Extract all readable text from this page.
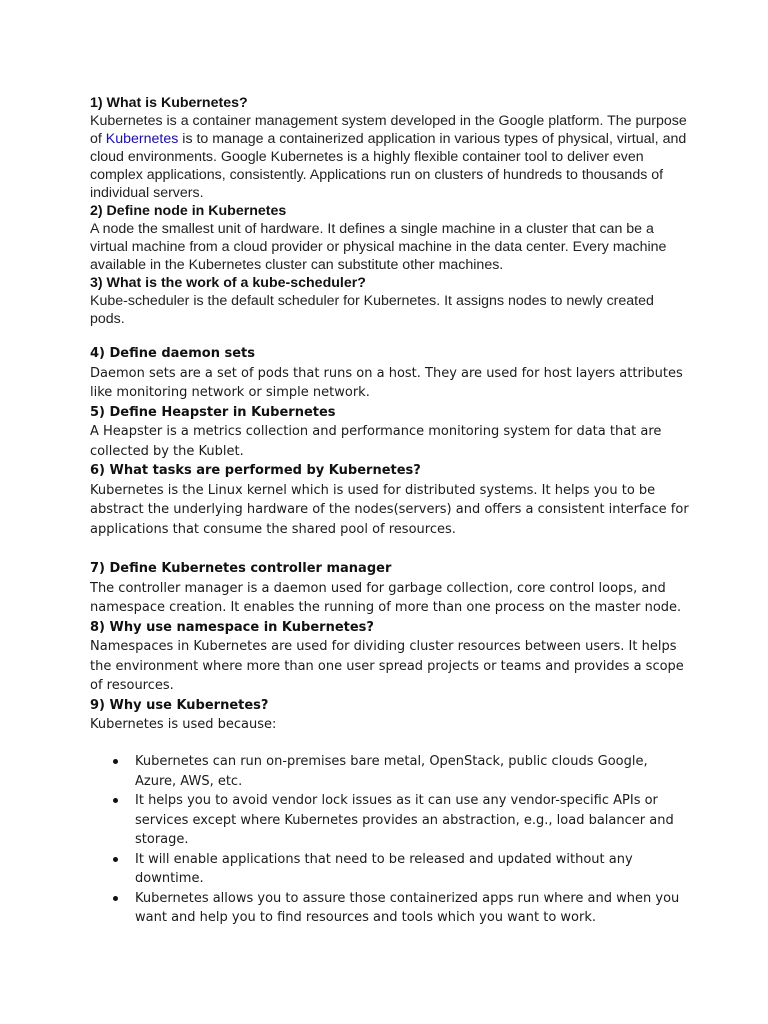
1) What is Kubernetes?

Kubernetes is a container management system developed in the Google platform. The purpose of Kubernetes is to manage a containerized application in various types of physical, virtual, and cloud environments. Google Kubernetes is a highly flexible container tool to deliver even complex applications, consistently. Applications run on clusters of hundreds to thousands of individual servers.

2) Define node in Kubernetes

A node the smallest unit of hardware. It defines a single machine in a cluster that can be a virtual machine from a cloud provider or physical machine in the data center. Every machine available in the Kubernetes cluster can substitute other machines.

3) What is the work of a kube-scheduler?

Kube-scheduler is the default scheduler for Kubernetes. It assigns nodes to newly created pods.

4) Define daemon sets

Daemon sets are a set of pods that runs on a host. They are used for host layers attributes like monitoring network or simple network.

5) Define Heapster in Kubernetes

A Heapster is a metrics collection and performance monitoring system for data that are collected by the Kublet.

6) What tasks are performed by Kubernetes?

Kubernetes is the Linux kernel which is used for distributed systems. It helps you to be abstract the underlying hardware of the nodes(servers) and offers a consistent interface for applications that consume the shared pool of resources.

7) Define Kubernetes controller manager

The controller manager is a daemon used for garbage collection, core control loops, and namespace creation. It enables the running of more than one process on the master node.

8) Why use namespace in Kubernetes?

Namespaces in Kubernetes are used for dividing cluster resources between users. It helps the environment where more than one user spread projects or teams and provides a scope of resources.

9) Why use Kubernetes?

Kubernetes is used because:

Kubernetes can run on-premises bare metal, OpenStack, public clouds Google, Azure, AWS, etc.
It helps you to avoid vendor lock issues as it can use any vendor-specific APIs or services except where Kubernetes provides an abstraction, e.g., load balancer and storage.
It will enable applications that need to be released and updated without any downtime.
Kubernetes allows you to assure those containerized apps run where and when you want and help you to find resources and tools which you want to work.
